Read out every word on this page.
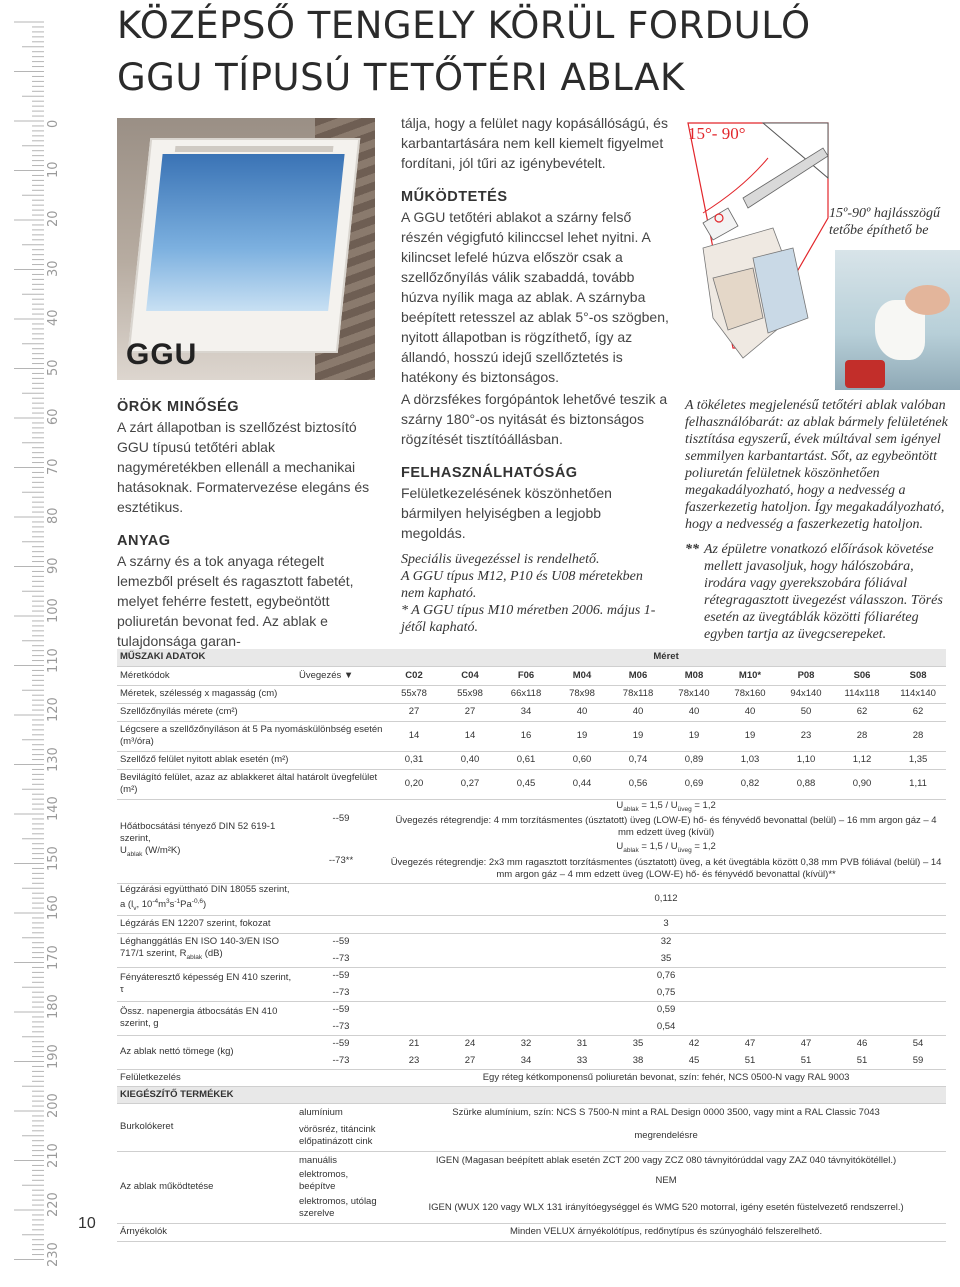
0
10
20
30
40
50
60
70
80
90
100
110
120
130
140
150
160
170
180
190
200
210
220
230
10
KÖZÉPSŐ TENGELY KÖRÜL FORDULÓ
GGU TÍPUSÚ TETŐTÉRI ABLAK
GGU
ÖRÖK MINŐSÉG
A zárt állapotban is szellőzést biztosító GGU típusú tetőtéri ablak nagyméretékben ellenáll a mechanikai hatásoknak. Formatervezése elegáns és esztétikus.
ANYAG
A szárny és a tok anyaga rétegelt lemezből préselt és ragasztott fabetét, melyet fehérre festett, egybeöntött poliuretán bevonat fed. Az ablak e tulajdonsága garan-
tálja, hogy a felület nagy kopásállóságú, és karbantartására nem kell kiemelt figyelmet fordítani, jól tűri az igénybevételt.
MŰKÖDTETÉS
A GGU tetőtéri ablakot a szárny felső részén végigfutó kilinccsel lehet nyitni. A kilincset lefelé húzva először csak a szellőzőnyílás válik szabaddá, tovább húzva nyílik maga az ablak. A szárnyba beépített retesszel az ablak 5°-os szögben, nyitott állapotban is rögzíthető, így az állandó, hosszú idejű szellőztetés is hatékony és biztonságos.
A dörzsfékes forgópántok lehetővé teszik a szárny 180°-os nyitását és biztonságos rögzítését tisztítóállásban.
FELHASZNÁLHATÓSÁG
Felületkezelésének köszönhetően bármilyen helyiségben a legjobb megoldás.
Speciális üvegezéssel is rendelhető.
A GGU típus M12, P10 és U08 méretekben nem kapható.
* A GGU típus M10 méretben 2006. május 1-jétől kapható.
15°- 90°
15º-90º hajlásszögű tetőbe építhető be
A tökéletes megjelenésű tetőtéri ablak valóban felhasználóbarát: az ablak bármely felületének tisztítása egyszerű, évek múltával sem igényel semmilyen karbantartást. Sőt, az egybeöntött poliuretán felületnek köszönhetően megakadályozható, hogy a nedvesség a faszerkezetig hatoljon. Így megakadályozható, hogy a nedvesség a faszerkezetig hatoljon.
** Az épületre vonatkozó előírások követése mellett javasoljuk, hogy hálószobára, irodára vagy gyerekszobára fóliával rétegragasztott üvegezést válasszon. Törés esetén az üvegtáblák közötti fóliaréteg egyben tartja az üvegcserepeket.
MŰSZAKI ADATOK		Méret									
Méretkódok	Üvegezés ▼	C02	C04	F06	M04	M06	M08	M10*	P08	S06	S08
Méretek, szélesség x magasság (cm)		55x78	55x98	66x118	78x98	78x118	78x140	78x160	94x140	114x118	114x140
Szellőzőnyílás mérete (cm²)		27	27	34	40	40	40	40	50	62	62
Légcsere a szellőzőnyíláson át 5 Pa nyomáskülönbség esetén (m³/óra)		14	14	16	19	19	19	19	23	28	28
Szellőző felület nyitott ablak esetén (m²)		0,31	0,40	0,61	0,60	0,74	0,89	1,03	1,10	1,12	1,35
Bevilágító felület, azaz az ablakkeret által határolt üvegfelület (m²)		0,20	0,27	0,45	0,44	0,56	0,69	0,82	0,88	0,90	1,11
Hőátbocsátási tényező DIN 52 619-1 szerint,
$U_{ablak}$ (W/m²K)	--59	$U_{ablak} = 1,5 / U_{üveg} = 1,2$
Üvegezés rétegrendje: 4 mm torzításmentes (úsztatott) üveg (LOW-E) hő- és fényvédő bevonattal (belül) – 16 mm argon gáz – 4 mm edzett üveg (kívül)									
	--73**	$U_{ablak} = 1,5 / U_{üveg} = 1,2$
Üvegezés rétegrendje: 2x3 mm ragasztott torzításmentes (úsztatott) üveg, a két üvegtábla között 0,38 mm PVB fóliával (belül) – 14 mm argon gáz – 4 mm edzett üveg (LOW-E) hő- és fényvédő bevonattal (kívül)**									
Légzárási együttható DIN 18055 szerint,
a ($l_v$, $10^{-4}m^3s^{-1}Pa^{-0,6}$)		0,112									
Légzárás EN 12207 szerint, fokozat		3									
Léghanggátlás EN ISO 140-3/EN ISO 717/1 szerint, $R_{ablak}$ (dB)	--59	32									
	--73	35									
Fényáteresztő képesség EN 410 szerint, τ	--59	0,76									
	--73	0,75									
Össz. napenergia átbocsátás EN 410 szerint, g	--59	0,59									
	--73	0,54									
Az ablak nettó tömege (kg)	--59	21	24	32	31	35	42	47	47	46	54
	--73	23	27	34	33	38	45	51	51	51	59
Felületkezelés		Egy réteg kétkomponensű poliuretán bevonat, szín: fehér, NCS 0500-N vagy RAL 9003									
KIEGÉSZÍTŐ TERMÉKEK											
Burkolókeret	alumínium	Szürke alumínium, szín: NCS S 7500-N mint a RAL Design 0000 3500, vagy mint a RAL Classic 7043									
	vörösréz, titáncink előpatinázott cink	megrendelésre									
Az ablak működtetése	manuális	IGEN (Magasan beépített ablak esetén ZCT 200 vagy ZCZ 080 távnyitórúddal vagy ZAZ 040 távnyitókötéllel.)									
	elektromos, beépítve	NEM									
	elektromos, utólag szerelve	IGEN (WUX 120 vagy WLX 131 irányítóegységgel és WMG 520 motorral, igény esetén füstelvezető rendszerrel.)									
Árnyékolók		Minden VELUX árnyékolótípus, redőnytípus és szúnyogháló felszerelhető.									
